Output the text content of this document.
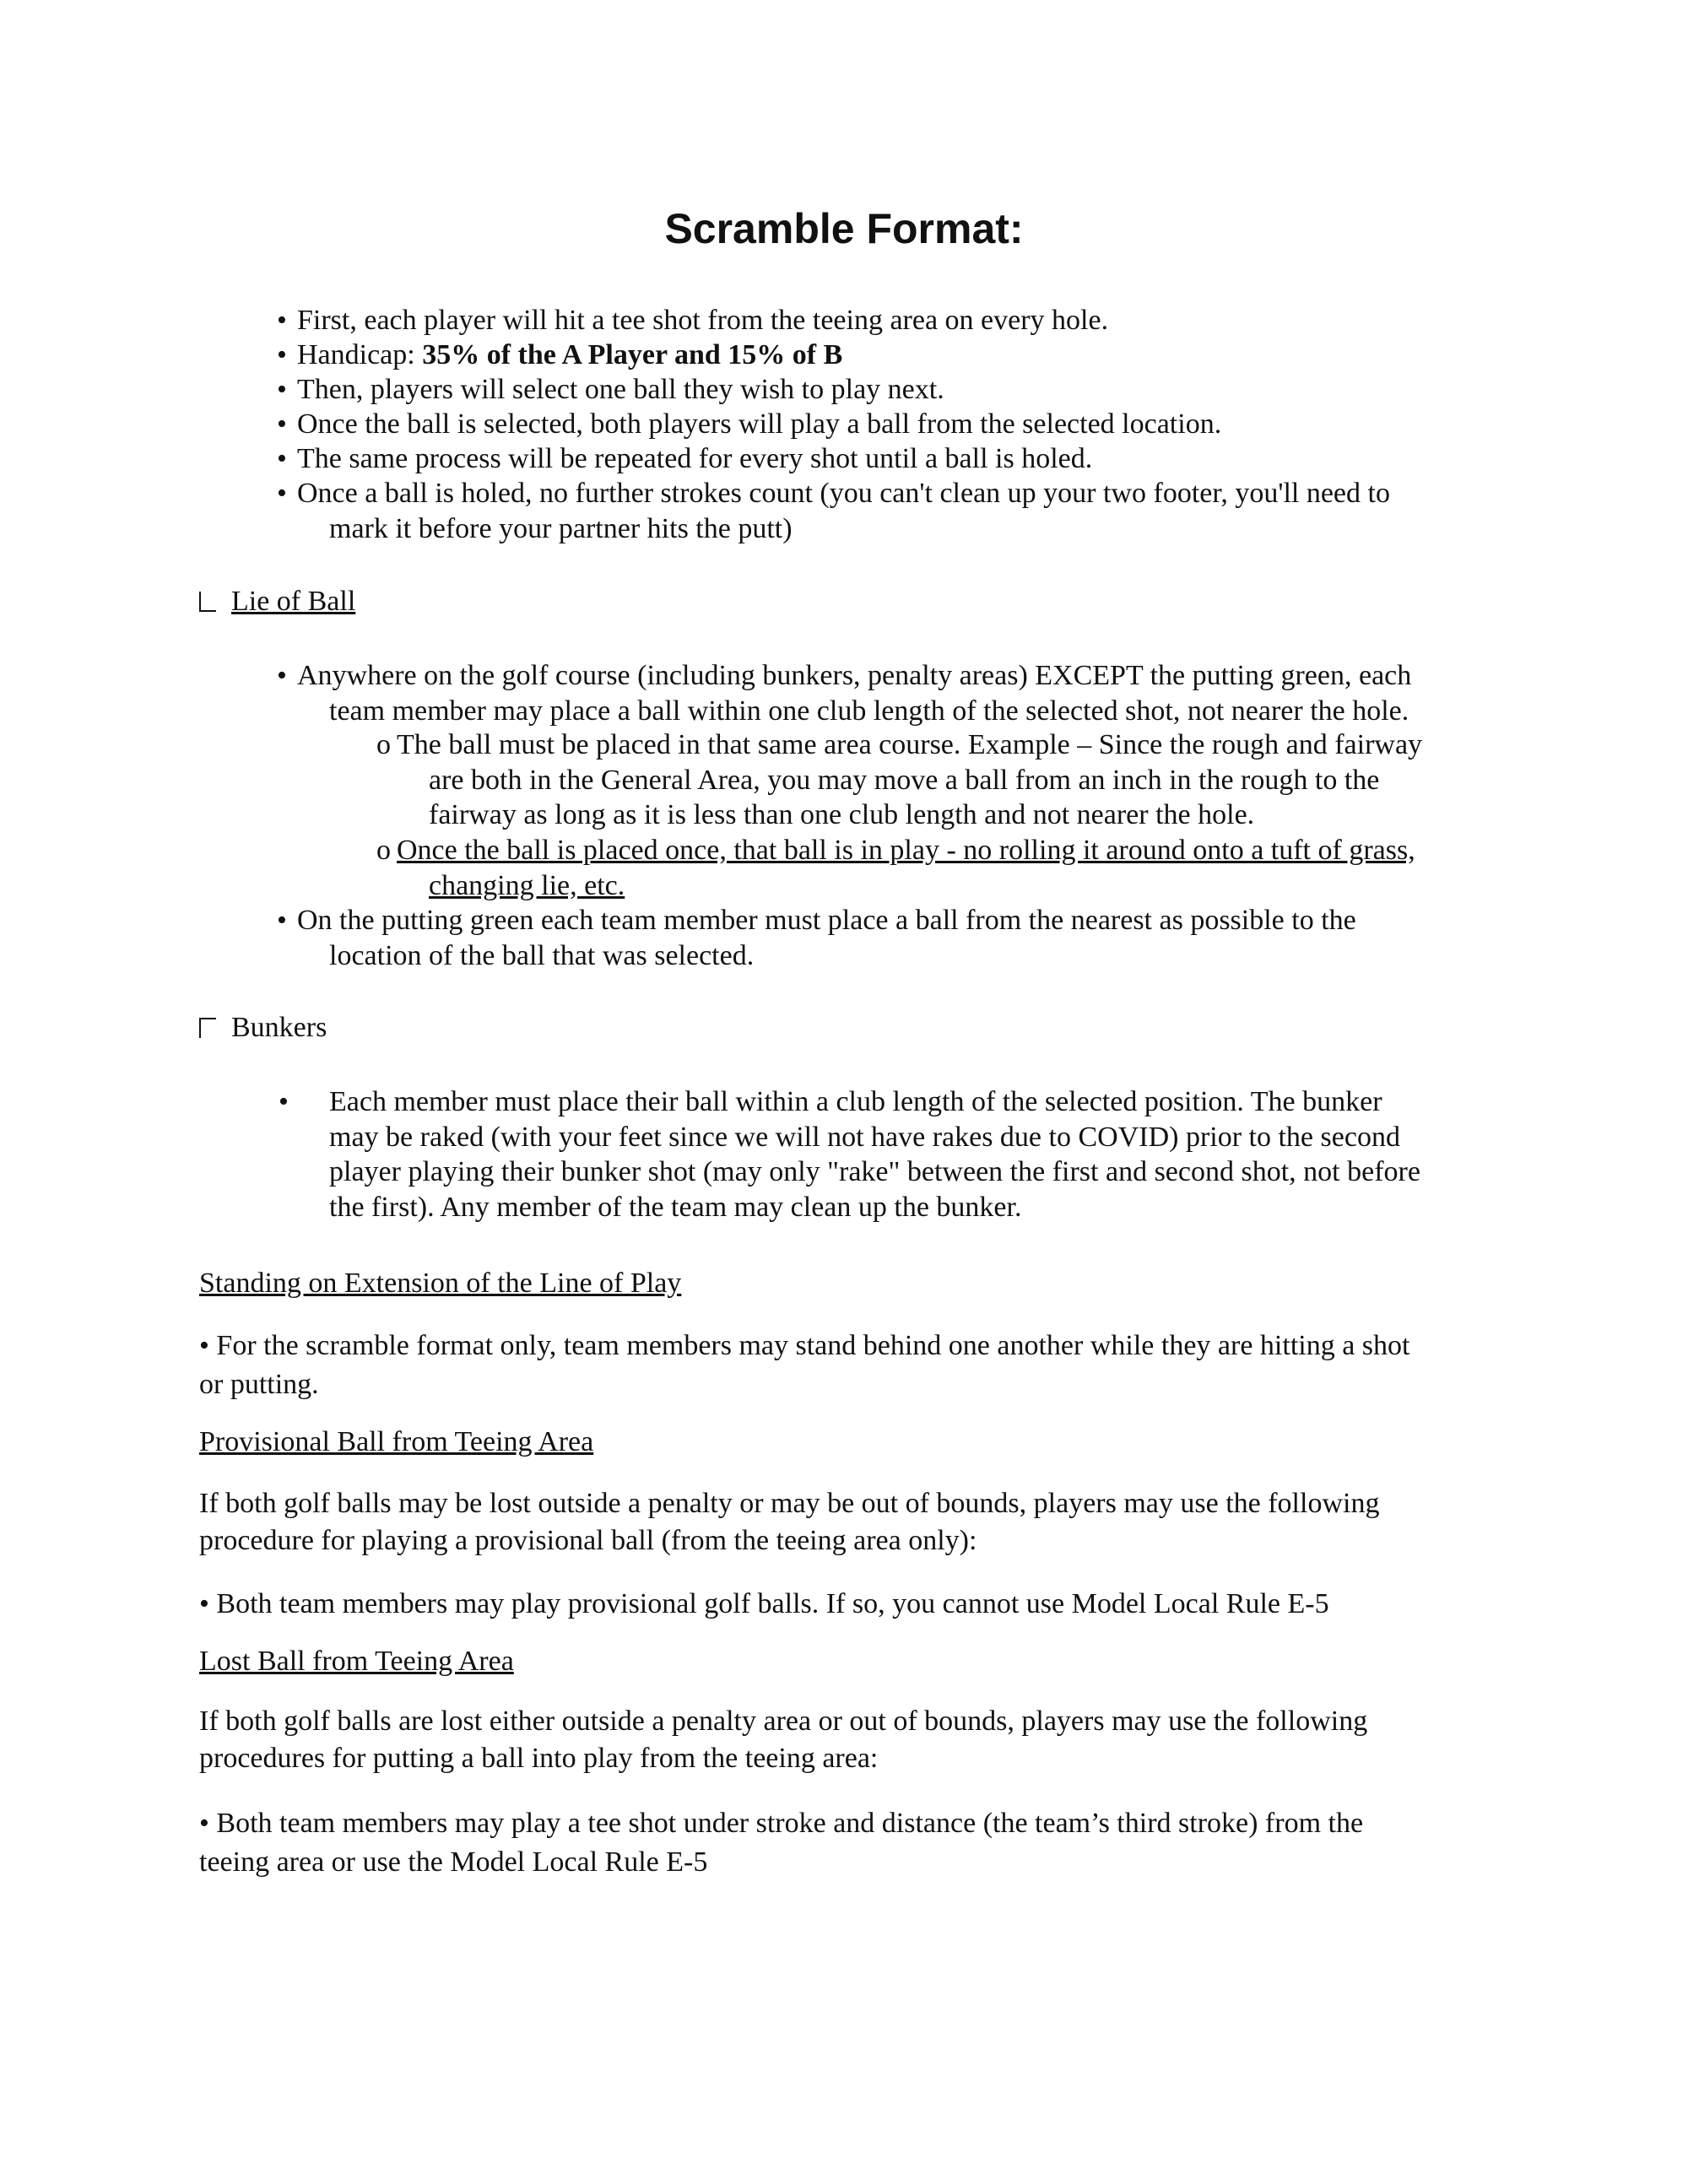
Scramble Format:
• First, each player will hit a tee shot from the teeing area on every hole.
• Handicap: 35% of the A Player and 15% of B
• Then, players will select one ball they wish to play next.
• Once the ball is selected, both players will play a ball from the selected location.
• The same process will be repeated for every shot until a ball is holed.
• Once a ball is holed, no further strokes count (you can't clean up your two footer, you'll need to
mark it before your partner hits the putt)
Lie of Ball
• Anywhere on the golf course (including bunkers, penalty areas) EXCEPT the putting green, each
team member may place a ball within one club length of the selected shot, not nearer the hole.
o The ball must be placed in that same area course. Example – Since the rough and fairway
are both in the General Area, you may move a ball from an inch in the rough to the
fairway as long as it is less than one club length and not nearer the hole.
o Once the ball is placed once, that ball is in play - no rolling it around onto a tuft of grass,
changing lie, etc.
• On the putting green each team member must place a ball from the nearest as possible to the
location of the ball that was selected.
Bunkers
• Each member must place their ball within a club length of the selected position. The bunker
may be raked (with your feet since we will not have rakes due to COVID) prior to the second
player playing their bunker shot (may only "rake" between the first and second shot, not before
the first). Any member of the team may clean up the bunker.
Standing on Extension of the Line of Play
• For the scramble format only, team members may stand behind one another while they are hitting a shot
or putting.
Provisional Ball from Teeing Area
If both golf balls may be lost outside a penalty or may be out of bounds, players may use the following
procedure for playing a provisional ball (from the teeing area only):
• Both team members may play provisional golf balls. If so, you cannot use Model Local Rule E-5
Lost Ball from Teeing Area
If both golf balls are lost either outside a penalty area or out of bounds, players may use the following
procedures for putting a ball into play from the teeing area:
• Both team members may play a tee shot under stroke and distance (the team’s third stroke) from the
teeing area or use the Model Local Rule E-5
